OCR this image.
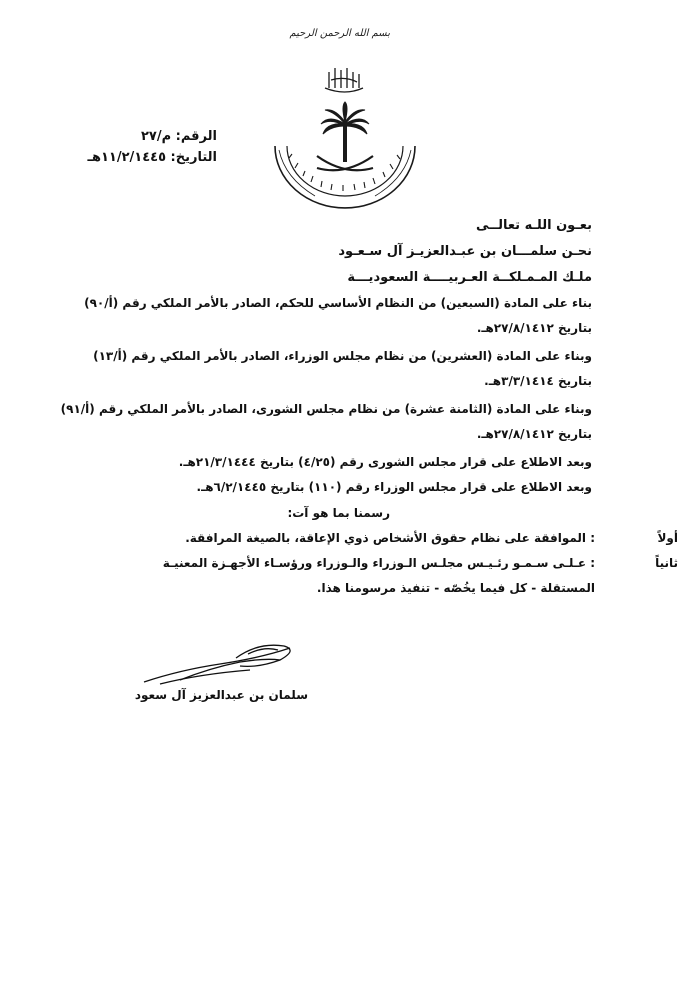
بسم الله الرحمن الرحيم
الرقم: م/٢٧
التاريخ: ١١/٢/١٤٤٥هـ
بعـون اللـه تعالــى
نحـن سلمـــان بن عبـدالعزيـز آل سـعـود
ملـك المـمـلكــة العـربيــــة السعوديـــة
بناء على المادة (السبعين) من النظام الأساسي للحكم، الصادر بالأمر الملكي رقم (أ/٩٠)
بتاريخ ٢٧/٨/١٤١٢هـ.
وبناء على المادة (العشرين) من نظام مجلس الوزراء، الصادر بالأمر الملكي رقم (أ/١٣)
بتاريخ ٣/٣/١٤١٤هـ.
وبناء على المادة (الثامنة عشرة) من نظام مجلس الشورى، الصادر بالأمر الملكي رقم (أ/٩١)
بتاريخ ٢٧/٨/١٤١٢هـ.
وبعد الاطلاع على قرار مجلس الشورى رقم (٤/٢٥) بتاريخ ٢١/٣/١٤٤٤هـ.
وبعد الاطلاع على قرار مجلس الوزراء رقم (١١٠) بتاريخ ٦/٢/١٤٤٥هـ.
رسمنا بما هو آت:
أولاً
: الموافقة على نظام حقوق الأشخاص ذوي الإعاقة، بالصيغة المرافقة.
ثانياً
: عـلـى سـمـو رئـيـس مجلـس الـوزراء والـوزراء ورؤسـاء الأجهـزة المعنيـة
المستقلة - كل فيما يخُصّه - تنفيذ مرسومنا هذا.
سلمان بن عبدالعزيز آل سعود
